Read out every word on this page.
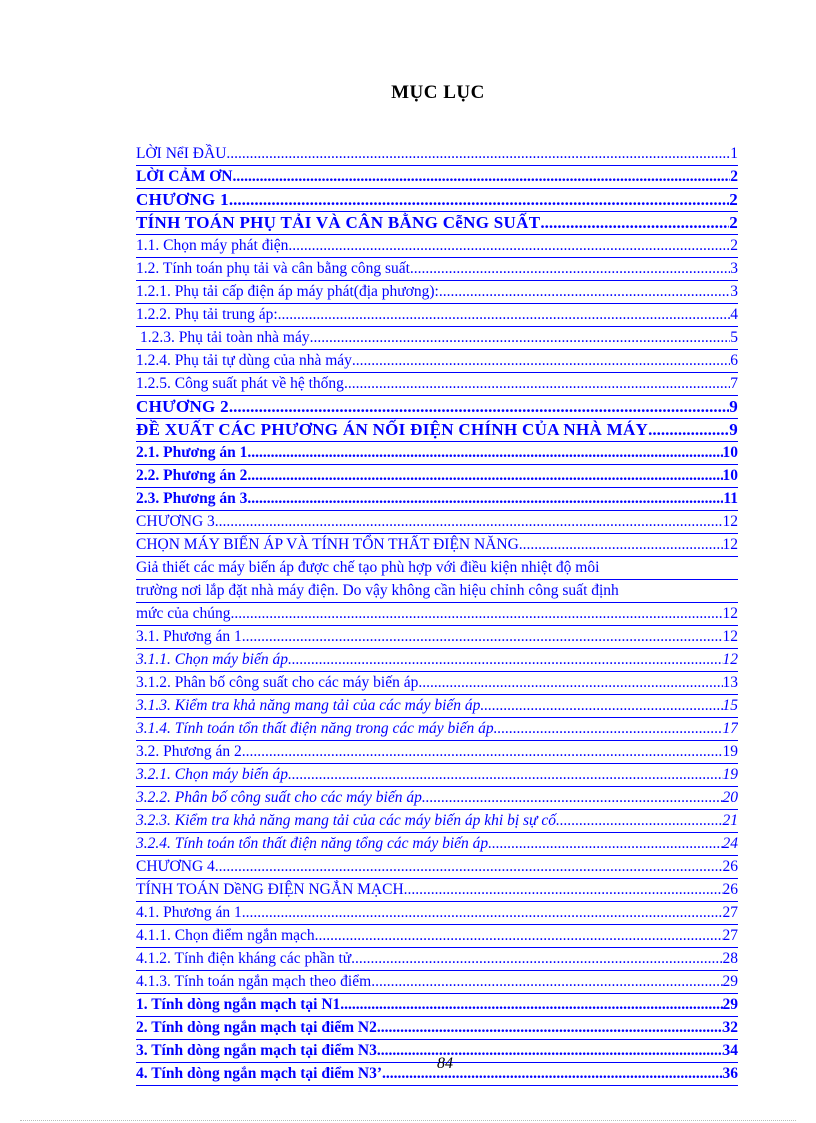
MỤC LỤC
LỜI NểI ĐẦU .....	1
LỜI CẢM ƠN .....	2
CHƯƠNG 1 .....	2
TÍNH TOÁN PHỤ TẢI VÀ CÂN BẰNG CễNG SUẤT .....	2
1.1. Chọn máy phát điện .....	2
1.2. Tính toán phụ tải và cân bằng công suất .....	3
1.2.1. Phụ tải cấp điện áp máy phát(địa phương): .....	3
1.2.2. Phụ tải trung áp: .....	4
1.2.3. Phụ tải toàn nhà máy .....	5
1.2.4. Phụ tải tự dùng của nhà máy .....	6
1.2.5. Công suất phát về hệ thống .....	7
CHƯƠNG 2 .....	9
ĐỀ XUẤT CÁC PHƯƠNG ÁN NỐI ĐIỆN CHÍNH CỦA NHÀ MÁY .....	9
2.1. Phương án 1 .....	10
2.2. Phương án 2 .....	10
2.3. Phương án 3 .....	11
CHƯƠNG 3 .....	12
CHỌN MÁY BIẾN ÁP VÀ TÍNH TỔN THẤT ĐIỆN NĂNG .....	12
Giả thiết các máy biến áp được chế tạo phù hợp với điều kiện nhiệt độ môi
trường nơi lắp đặt nhà máy điện. Do vậy không cần hiệu chỉnh công suất định
mức của chúng. .....	12
3.1. Phương án 1 .....	12
3.1.1. Chọn máy biến áp .....	12
3.1.2. Phân bố công suất cho các máy biến áp .....	13
3.1.3. Kiểm tra khả năng mang tải của các máy biến áp .....	15
3.1.4. Tính toán tổn thất điện năng trong các máy biến áp .....	17
3.2. Phương án 2 .....	19
3.2.1. Chọn máy biến áp .....	19
3.2.2. Phân bố công suất cho các máy biến áp .....	20
3.2.3. Kiểm tra khả năng mang tải của các máy biến áp khi bị sự cố .....	21
3.2.4. Tính toán tổn thất điện năng tổng các máy biến áp .....	24
CHƯƠNG 4 .....	26
TÍNH TOÁN DềNG ĐIỆN NGẮN MẠCH .....	26
4.1. Phương án 1 .....	27
4.1.1. Chọn điểm ngắn mạch .....	27
4.1.2. Tính điện kháng các phần tử .....	28
4.1.3. Tính toán ngắn mạch theo điểm .....	29
1. Tính dòng ngắn mạch tại N1 .....	29
2. Tính dòng ngắn mạch tại điểm N2 .....	32
3. Tính dòng ngắn mạch tại điểm N3 .....	34
4. Tính dòng ngắn mạch tại điểm N3’ .....	36
84
